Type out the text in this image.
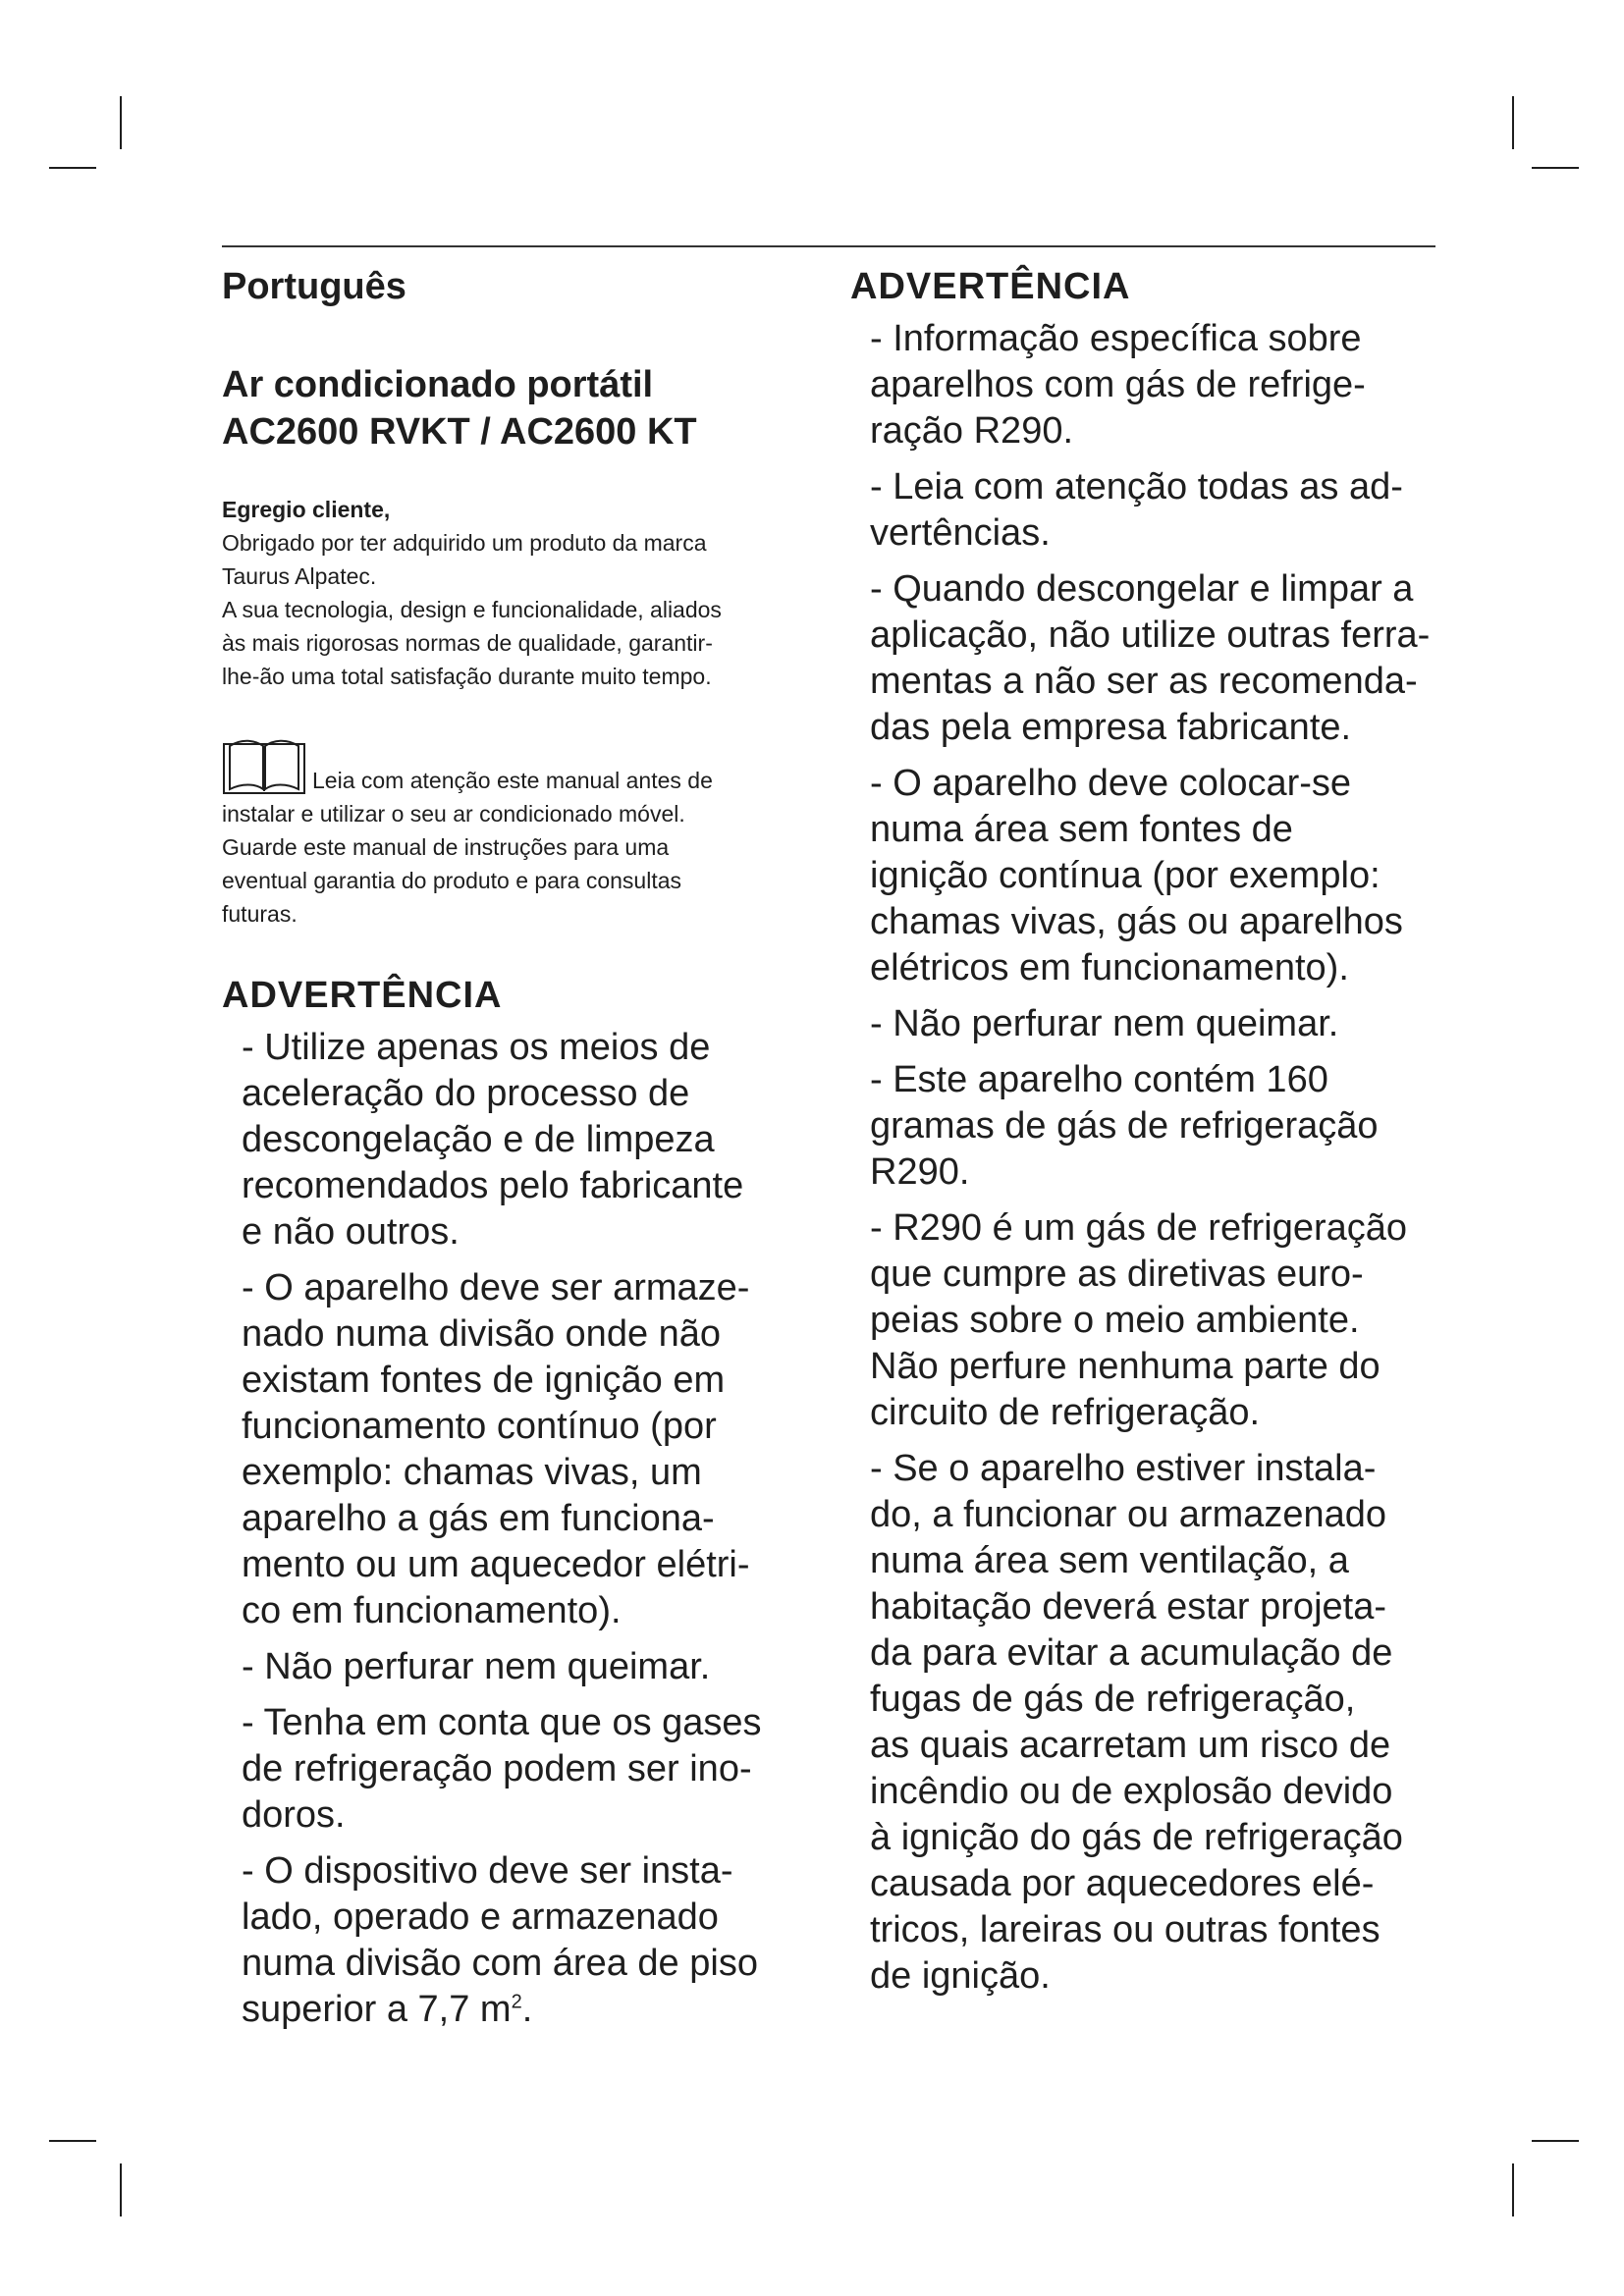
Português
Ar condicionado portátil
AC2600 RVKT / AC2600 KT
Egregio cliente,

Obrigado por ter adquirido um produto da marca
Taurus Alpatec.

A sua tecnologia, design e funcionalidade, aliados
às mais rigorosas normas de qualidade, garantir-
lhe-ão uma total satisfação durante muito tempo.

Leia com atenção este manual antes de

instalar e utilizar o seu ar condicionado móvel.
Guarde este manual de instruções para uma
eventual garantia do produto e para consultas
futuras.

ADVERTÊNCIA
- Utilize apenas os meios de
aceleração do processo de
descongelação e de limpeza
recomendados pelo fabricante
e não outros.
- O aparelho deve ser armaze-
nado numa divisão onde não
existam fontes de ignição em
funcionamento contínuo (por
exemplo: chamas vivas, um
aparelho a gás em funciona-
mento ou um aquecedor elétri-
co em funcionamento).
- Não perfurar nem queimar.
- Tenha em conta que os gases
de refrigeração podem ser ino-
doros.
- O dispositivo deve ser insta-
lado, operado e armazenado
numa divisão com área de piso
superior a 7,7 $m^2$.
ADVERTÊNCIA
- Informação específica sobre
aparelhos com gás de refrige-
ração R290.
- Leia com atenção todas as ad-
vertências.
- Quando descongelar e limpar a
aplicação, não utilize outras ferra-
mentas a não ser as recomenda-
das pela empresa fabricante.
- O aparelho deve colocar-se
numa área sem fontes de
ignição contínua (por exemplo:
chamas vivas, gás ou aparelhos
elétricos em funcionamento).
- Não perfurar nem queimar.
- Este aparelho contém 160
gramas de gás de refrigeração
R290.
- R290 é um gás de refrigeração
que cumpre as diretivas euro-
peias sobre o meio ambiente.
Não perfure nenhuma parte do
circuito de refrigeração.
- Se o aparelho estiver instala-
do, a funcionar ou armazenado
numa área sem ventilação, a
habitação deverá estar projeta-
da para evitar a acumulação de
fugas de gás de refrigeração,
as quais acarretam um risco de
incêndio ou de explosão devido
à ignição do gás de refrigeração
causada por aquecedores elé-
tricos, lareiras ou outras fontes
de ignição.
